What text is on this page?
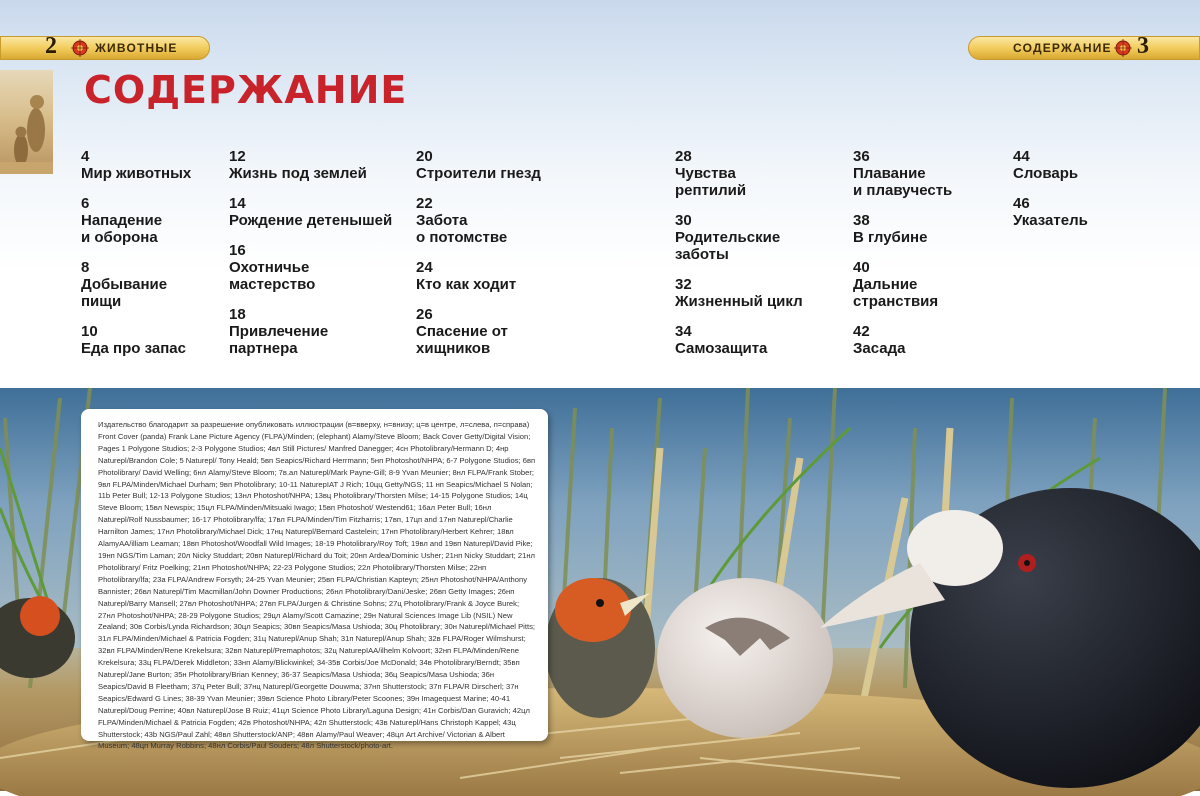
ЖИВОТНЫЕ
2	СОДЕРЖАНИЕ 3
СОДЕРЖАНИЕ
4
Мир животных
6
Нападение
и оборона
8
Добывание
пищи
10
Еда про запас
12
Жизнь под землей
14
Рождение детенышей
16
Охотничье
мастерство
18
Привлечение
партнера
20
Строители гнезд
22
Забота
о потомстве
24
Кто как ходит
26
Спасение от
хищников
28
Чувства
рептилий
30
Родительские
заботы
32
Жизненный цикл
34
Самозащита
36
Плавание
и плавучесть
38
В глубине
40
Дальние
странствия
42
Засада
44
Словарь
46
Указатель

Издательство благодарит за разрешение опубликовать иллюстрации (в=вверху, н=внизу; ц=в центре, л=слева, п=справа) Front Cover (panda) Frank Lane Picture Agency (FLPA)/Minden; (elephant) Alamy/Steve Bloom; Back Cover Getty/Digital Vision; Pages 1 Polygone Studios; 2-3 Polygone Studios; 4вл Still Pictures/ Manfred Danegger; 4сн Photolibrary/Hermann D; 4нр Naturepl/Brandon Cole; 5 Naturepl/ Tony Heald; 5вп Seapics/Richard Herrmann; 5нп Photoshot/NHPA; 6-7 Polygone Studios; 6вп Photolibrary/ David Welling; 6нл Alamy/Steve Bloom; 7в.ал Naturepl/Mark Payne-Gill; 8-9 Yvan Meunier; 8нл FLPA/Frank Stober; 9вл FLPA/Minden/Michael Durham; 9вп Photolibrary; 10-11 NaturepIAT J Rich; 10цц Getty/NGS; 11 нп Seapics/Michael S Nolan; 11b Peter Bull; 12-13 Polygone Studios; 13нл Photoshot/NHPA; 13вц Photolibrary/Thorsten Milse; 14-15 Polygone Studios; 14ц Steve Bloom; 15вл Newspix; 15цл FLPA/Minden/Mitsuaki Iwago; 15вп Photoshot/ Westend61; 16ал Peter Bull; 16нл Naturepl/Rolf Nussbaumer; 16-17 Photolibrary/lfa; 17вл FLPA/Minden/Tim Fitzharris; 17вп, 17цп and 17нп Naturepl/Charlie Harnilton James; 17нл Photolibrary/Michael Dick; 17нц Naturepl/Bernard Castelein; 17нп Photolibrary/Herbert Kehrer; 18вл AlamyAA/illiam Leaman; 18вп Photoshot/Woodfall Wild Images; 18-19 Photolibrary/Roy Toft; 19вл and 19вп Naturepl/David Pike; 19нп NGS/Tim Laman; 20л Nicky Studdart; 20вп Naturepl/Richard du Toit; 20нп Ardea/Dominic Usher; 21нп Nicky Studdart; 21нл Photolibrary/ Fritz Poelking; 21нп Photoshot/NHPA; 22-23 Polygone Studios; 22л Photolibrary/Thorsten Milse; 22нп Photolibrary/lfa; 23a FLPA/Andrew Forsyth; 24-25 Yvan Meunier; 25вп FLPA/Christian Kapteyn; 25нл Photoshot/NHPA/Anthony Bannister; 26вл Naturepl/Tim Macmillan/John Downer Productions; 26нл Photolibrary/Dani/Jeske; 26вп Getty Images; 26нп Naturepl/Barry Mansell; 27вл Photoshot/NHPA; 27вп FLPA/Jurgen & Christine Sohns; 27ц Photolibrary/Frank & Joyce Burek; 27нл Photoshot/NHPA; 28-29 Polygone Studios; 29цл Alamy/Scott Camazine; 29н Natural Sciences Image Lib (NSIL) New Zealand; 30в Corbis/Lynda Richardson; 30цл Seapics; 30вп Seapics/Masa Ushioda; 30ц Photolibrary; 30н Naturepl/Michael Pitts; 31л FLPA/Minden/Michael & Patricia Fogden; 31ц Naturepl/Anup Shah; 31п Naturepl/Anup Shah; 32в FLPA/Roger Wilmshurst; 32вл FLPA/Minden/Rene Krekelsura; 32вп Naturepl/Premaphotos; 32ц NaturepIAA/ilhelm Kolvoort; 32нп FLPA/Minden/Rene Krekelsura; 33ц FLPA/Derek Middleton; 33нп Alamy/Blickwinkel; 34-35в Corbis/Joe McDonald; 34в Photolibrary/Berndt; 35вп Naturepl/Jane Burton; 35н Photolibrary/Brian Kenney; 36-37 Seapics/Masa Ushioda; 36ц Seapics/Masa Ushioda; 36н Seapics/David B Fleetham; 37ц Peter Bull; 37нц Naturepl/Georgette Douwma; 37нп Shutterstock; 37п FLPA/R Dirscherl; 37н Seapics/Edward G Lines; 38-39 Yvan Meunier; 39вл Science Photo Library/Peter Scoones; 39н Imagequest Marine; 40-41 Naturepl/Doug Perrine; 40вл Naturepl/Jose B Ruiz; 41цл Science Photo Library/Laguna Design; 41н Corbis/Dan Guravich; 42цл FLPA/Minden/Michael & Patricia Fogden; 42в Photoshot/NHPA; 42п Shutterstock; 43в Naturepl/Hans Christoph Kappel; 43ц Shutterstock; 43b NGS/Paul Zahl; 48вл Shutterstock/ANP; 48вп Alamy/Paul Weaver; 48цл Art Archive/ Victorian & Albert Museum; 48цп Murray Robbins; 48нл Corbis/Paul Souders; 48л Shutterstock/photo-art.
